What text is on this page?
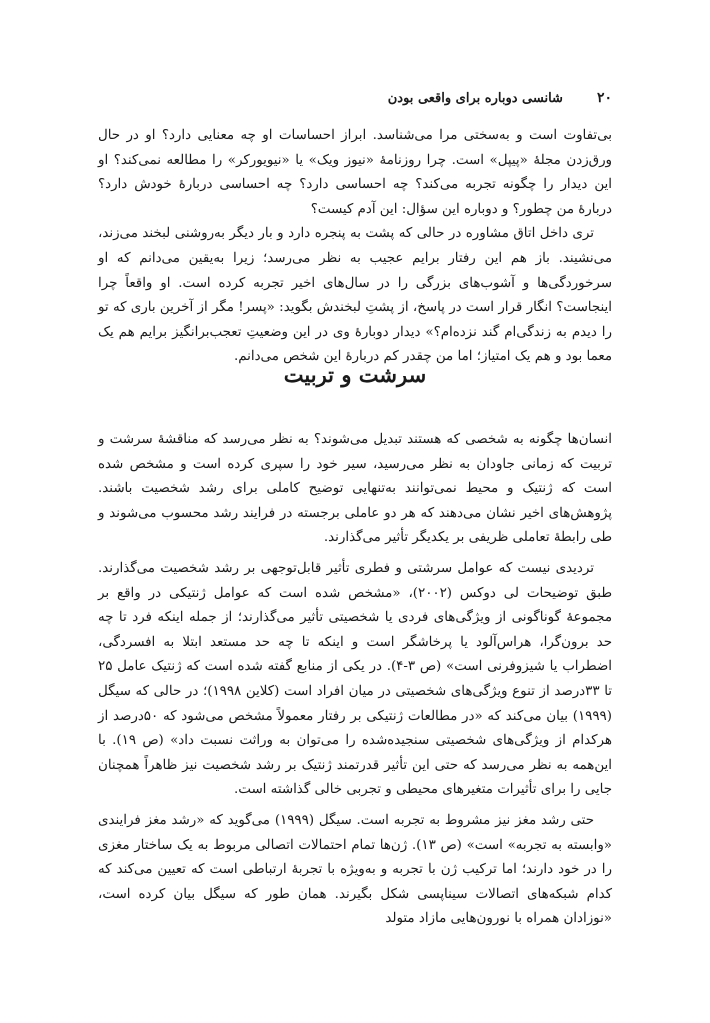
۲۰
شانسی دوباره برای واقعی بودن

بی‌تفاوت است و به‌سختی مرا می‌شناسد. ابراز احساسات او چه معنایی دارد؟ او در حال ورق‌زدن مجلهٔ «پیپل» است. چرا روزنامهٔ «نیوز ویک» یا «نیویورکر» را مطالعه نمی‌کند؟ او این دیدار را چگونه تجربه می‌کند؟ چه احساسی دارد؟ چه احساسی دربارهٔ خودش دارد؟ دربارهٔ من چطور؟ و دوباره این سؤال: این آدم کیست؟

تری داخل اتاق مشاوره در حالی که پشت به پنجره دارد و بار دیگر به‌روشنی لبخند می‌زند، می‌نشیند. باز هم این رفتار برایم عجیب به نظر می‌رسد؛ زیرا به‌یقین می‌دانم که او سرخوردگی‌ها و آشوب‌های بزرگی را در سال‌های اخیر تجربه کرده است. او واقعاً چرا اینجاست؟ انگار قرار است در پاسخ، از پشتِ لبخندش بگوید: «پسر! مگر از آخرین باری که تو را دیدم به زندگی‌ام گند نزده‌ام؟» دیدار دوبارهٔ وی در این وضعیتِ تعجب‌برانگیز برایم هم یک معما بود و هم یک امتیاز؛ اما من چقدر کم دربارهٔ این شخص می‌دانم.

سرشت و تربیت

انسان‌ها چگونه به شخصی که هستند تبدیل می‌شوند؟ به نظر می‌رسد که مناقشهٔ سرشت و تربیت که زمانی جاودان به نظر می‌رسید، سیر خود را سپری کرده است و مشخص شده است که ژنتیک و محیط نمی‌توانند به‌تنهایی توضیح کاملی برای رشد شخصیت باشند. پژوهش‌های اخیر نشان می‌دهند که هر دو عاملی برجسته در فرایند رشد محسوب می‌شوند و طی رابطهٔ تعاملی ظریفی بر یکدیگر تأثیر می‌گذارند.

تردیدی نیست که عوامل سرشتی و فطری تأثیر قابل‌توجهی بر رشد شخصیت می‌گذارند. طبق توضیحات لی دوکس (۲۰۰۲)، «مشخص شده است که عوامل ژنتیکی در واقع بر مجموعهٔ گوناگونی از ویژگی‌های فردی یا شخصیتی تأثیر می‌گذارند؛ از جمله اینکه فرد تا چه حد برون‌گرا، هراس‌آلود یا پرخاشگر است و اینکه تا چه حد مستعد ابتلا به افسردگی، اضطراب یا شیزوفرنی است» (ص ۳-۴). در یکی از منابع گفته شده است که ژنتیک عامل ۲۵ تا ۳۳درصد از تنوع ویژگی‌های شخصیتی در میان افراد است (کلاین ۱۹۹۸)؛ در حالی که سیگل (۱۹۹۹) بیان می‌کند که «در مطالعات ژنتیکی بر رفتار معمولاً مشخص می‌شود که ۵۰درصد از هرکدام از ویژگی‌های شخصیتی سنجیده‌شده را می‌توان به وراثت نسبت داد» (ص ۱۹). با این‌همه به نظر می‌رسد که حتی این تأثیر قدرتمند ژنتیک بر رشد شخصیت نیز ظاهراً همچنان جایی را برای تأثیرات متغیرهای محیطی و تجربی خالی گذاشته است.

حتی رشد مغز نیز مشروط به تجربه است. سیگل (۱۹۹۹) می‌گوید که «رشد مغز فرایندی «وابسته به تجربه» است» (ص ۱۳). ژن‌ها تمام احتمالات اتصالی مربوط به یک ساختار مغزی را در خود دارند؛ اما ترکیب ژن با تجربه و به‌ویژه با تجربهٔ ارتباطی است که تعیین می‌کند که کدام شبکه‌های اتصالات سیناپسی شکل بگیرند. همان طور که سیگل بیان کرده است، «نوزادان همراه با نورون‌هایی مازاد متولد
